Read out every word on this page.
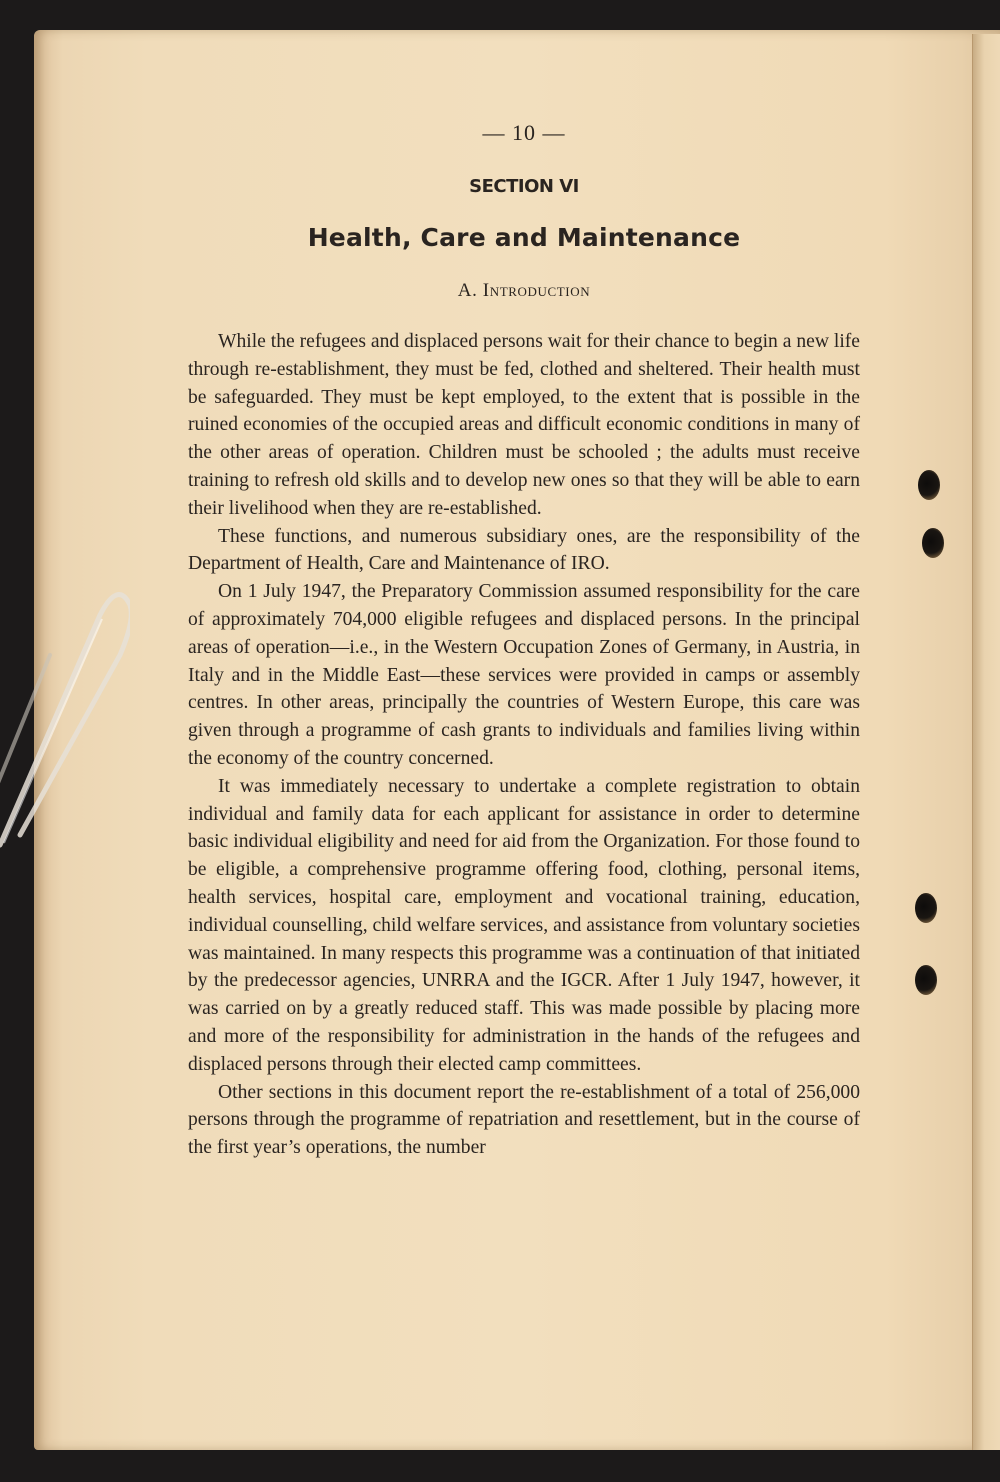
— 10 —
SECTION VI
Health, Care and Maintenance
A. Introduction

While the refugees and displaced persons wait for their chance to begin a new life through re-establishment, they must be fed, clothed and sheltered. Their health must be safeguarded. They must be kept employed, to the extent that is possible in the ruined economies of the occupied areas and difficult economic conditions in many of the other areas of operation. Children must be schooled ; the adults must receive training to refresh old skills and to develop new ones so that they will be able to earn their livelihood when they are re-established.

These functions, and numerous subsidiary ones, are the responsibility of the Department of Health, Care and Maintenance of IRO.

On 1 July 1947, the Preparatory Commission assumed responsibility for the care of approximately 704,000 eligible refugees and displaced persons. In the principal areas of operation—i.e., in the Western Occupation Zones of Germany, in Austria, in Italy and in the Middle East—these services were provided in camps or assembly centres. In other areas, principally the countries of Western Europe, this care was given through a programme of cash grants to individuals and families living within the economy of the country concerned.

It was immediately necessary to undertake a complete registration to obtain individual and family data for each applicant for assistance in order to determine basic individual eligibility and need for aid from the Organization. For those found to be eligible, a comprehensive programme offering food, clothing, personal items, health services, hospital care, employment and vocational training, education, individual counselling, child welfare services, and assistance from voluntary societies was maintained. In many respects this programme was a continuation of that initiated by the predecessor agencies, UNRRA and the IGCR. After 1 July 1947, however, it was carried on by a greatly reduced staff. This was made possible by placing more and more of the responsibility for administration in the hands of the refugees and displaced persons through their elected camp committees.

Other sections in this document report the re-establishment of a total of 256,000 persons through the programme of repatriation and resettlement, but in the course of the first year’s operations, the number
